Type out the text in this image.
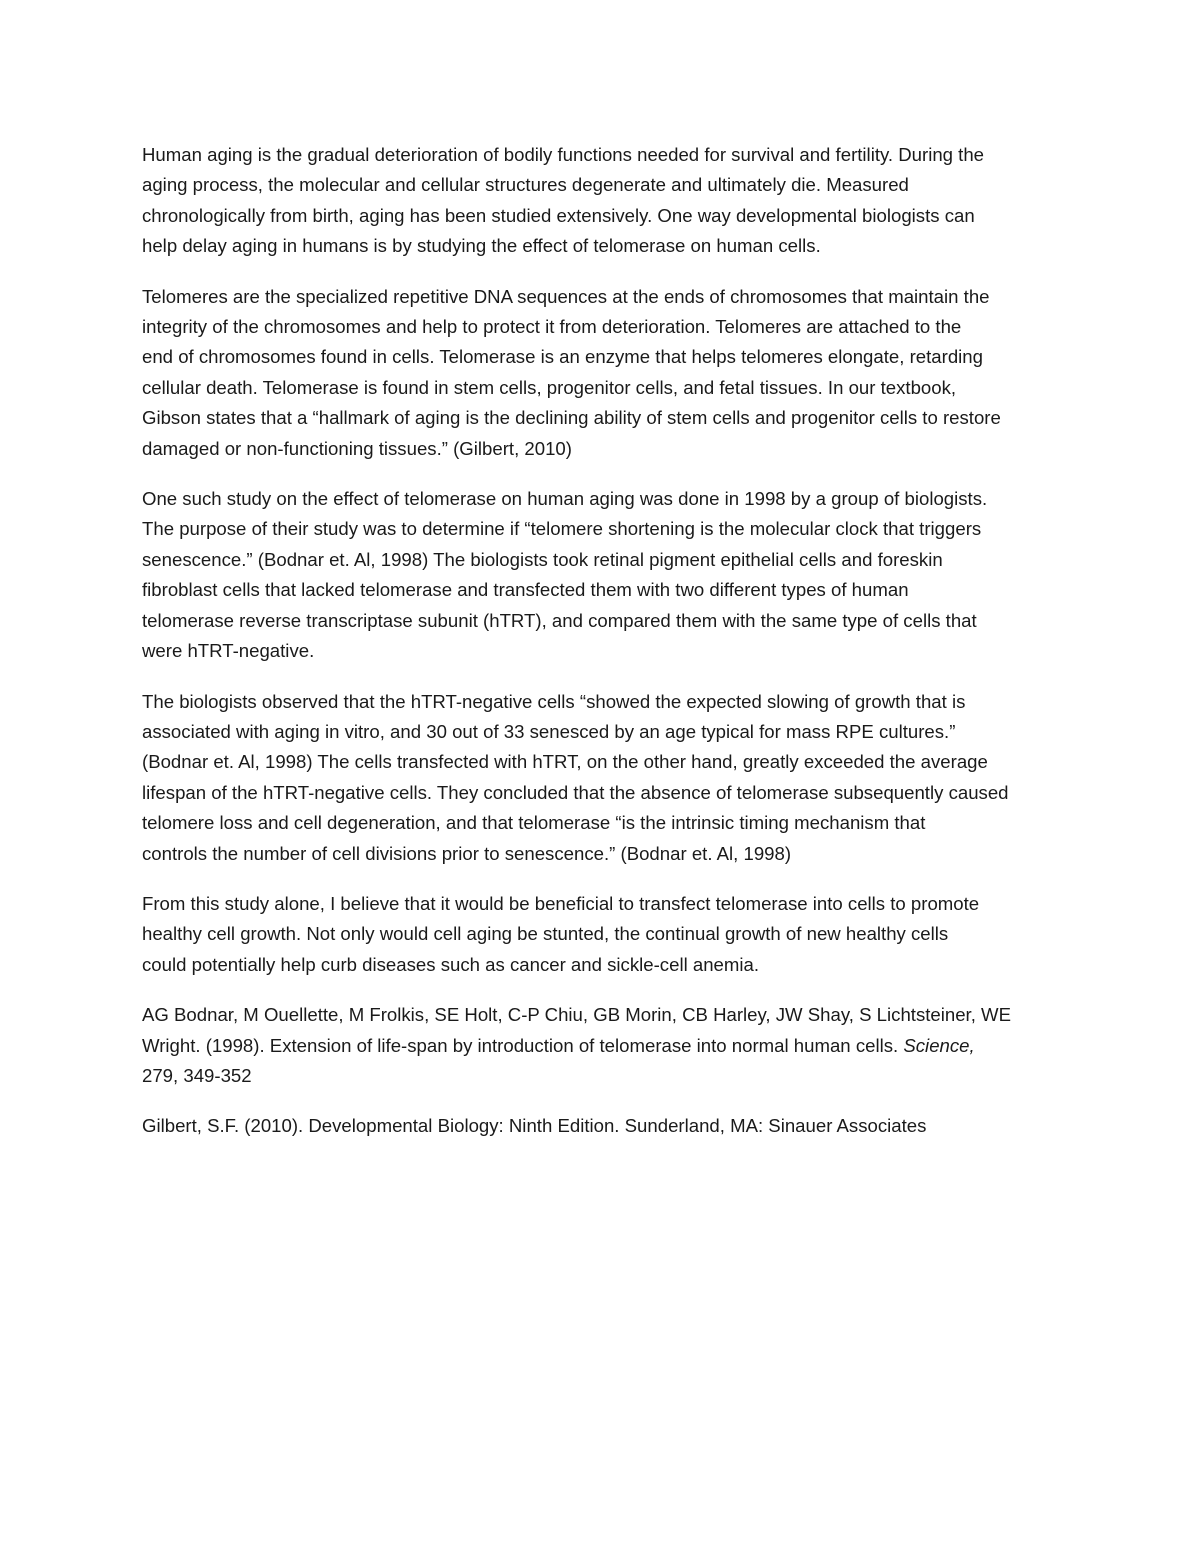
Human aging is the gradual deterioration of bodily functions needed for survival and fertility. During the
aging process, the molecular and cellular structures degenerate and ultimately die. Measured
chronologically from birth, aging has been studied extensively. One way developmental biologists can
help delay aging in humans is by studying the effect of telomerase on human cells.

Telomeres are the specialized repetitive DNA sequences at the ends of chromosomes that maintain the
integrity of the chromosomes and help to protect it from deterioration. Telomeres are attached to the
end of chromosomes found in cells. Telomerase is an enzyme that helps telomeres elongate, retarding
cellular death. Telomerase is found in stem cells, progenitor cells, and fetal tissues. In our textbook,
Gibson states that a “hallmark of aging is the declining ability of stem cells and progenitor cells to restore
damaged or non-functioning tissues.” (Gilbert, 2010)

One such study on the effect of telomerase on human aging was done in 1998 by a group of biologists.
The purpose of their study was to determine if “telomere shortening is the molecular clock that triggers
senescence.” (Bodnar et. Al, 1998) The biologists took retinal pigment epithelial cells and foreskin
fibroblast cells that lacked telomerase and transfected them with two different types of human
telomerase reverse transcriptase subunit (hTRT), and compared them with the same type of cells that
were hTRT-negative.

The biologists observed that the hTRT-negative cells “showed the expected slowing of growth that is
associated with aging in vitro, and 30 out of 33 senesced by an age typical for mass RPE cultures.”
(Bodnar et. Al, 1998) The cells transfected with hTRT, on the other hand, greatly exceeded the average
lifespan of the hTRT-negative cells. They concluded that the absence of telomerase subsequently caused
telomere loss and cell degeneration, and that telomerase “is the intrinsic timing mechanism that
controls the number of cell divisions prior to senescence.” (Bodnar et. Al, 1998)

From this study alone, I believe that it would be beneficial to transfect telomerase into cells to promote
healthy cell growth. Not only would cell aging be stunted, the continual growth of new healthy cells
could potentially help curb diseases such as cancer and sickle-cell anemia.

AG Bodnar, M Ouellette, M Frolkis, SE Holt, C-P Chiu, GB Morin, CB Harley, JW Shay, S Lichtsteiner, WE
Wright. (1998). Extension of life-span by introduction of telomerase into normal human cells. Science,
279, 349-352

Gilbert, S.F. (2010). Developmental Biology: Ninth Edition. Sunderland, MA: Sinauer Associates
